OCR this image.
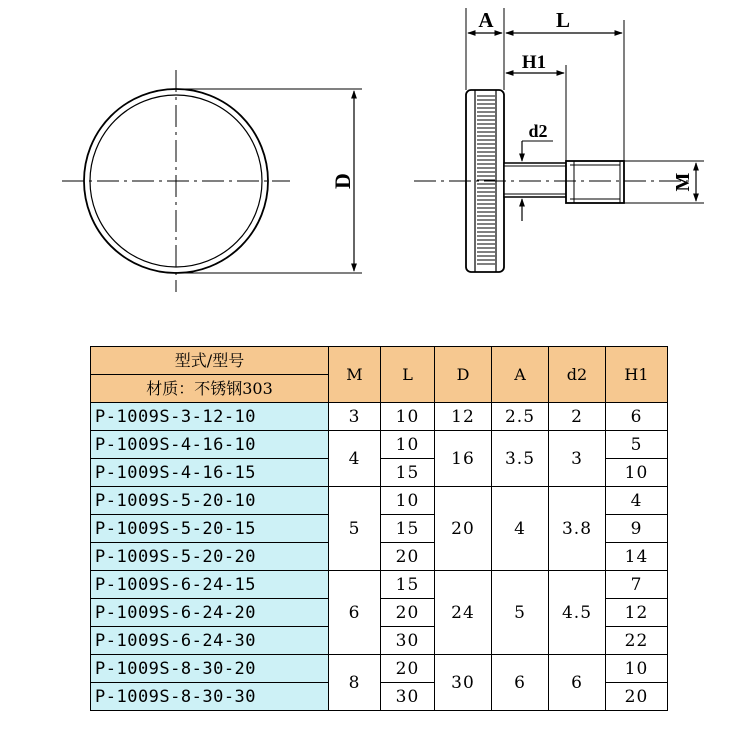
D
A	L
H1
d2
M
型式/型号
材质：不锈钢303	M	L	D	A	d2	H1
P-1009S-3-12-10	3	10	12	2.5	2	6
P-1009S-4-16-10	4	10	16	3.5	3	5
P-1009S-4-16-15		15				10
P-1009S-5-20-10	5	10	20	4	3.8	4
P-1009S-5-20-15		15				9
P-1009S-5-20-20		20				14
P-1009S-6-24-15	6	15	24	5	4.5	7
P-1009S-6-24-20		20				12
P-1009S-6-24-30		30				22
P-1009S-8-30-20	8	20	30	6	6	10
P-1009S-8-30-30		30				20
